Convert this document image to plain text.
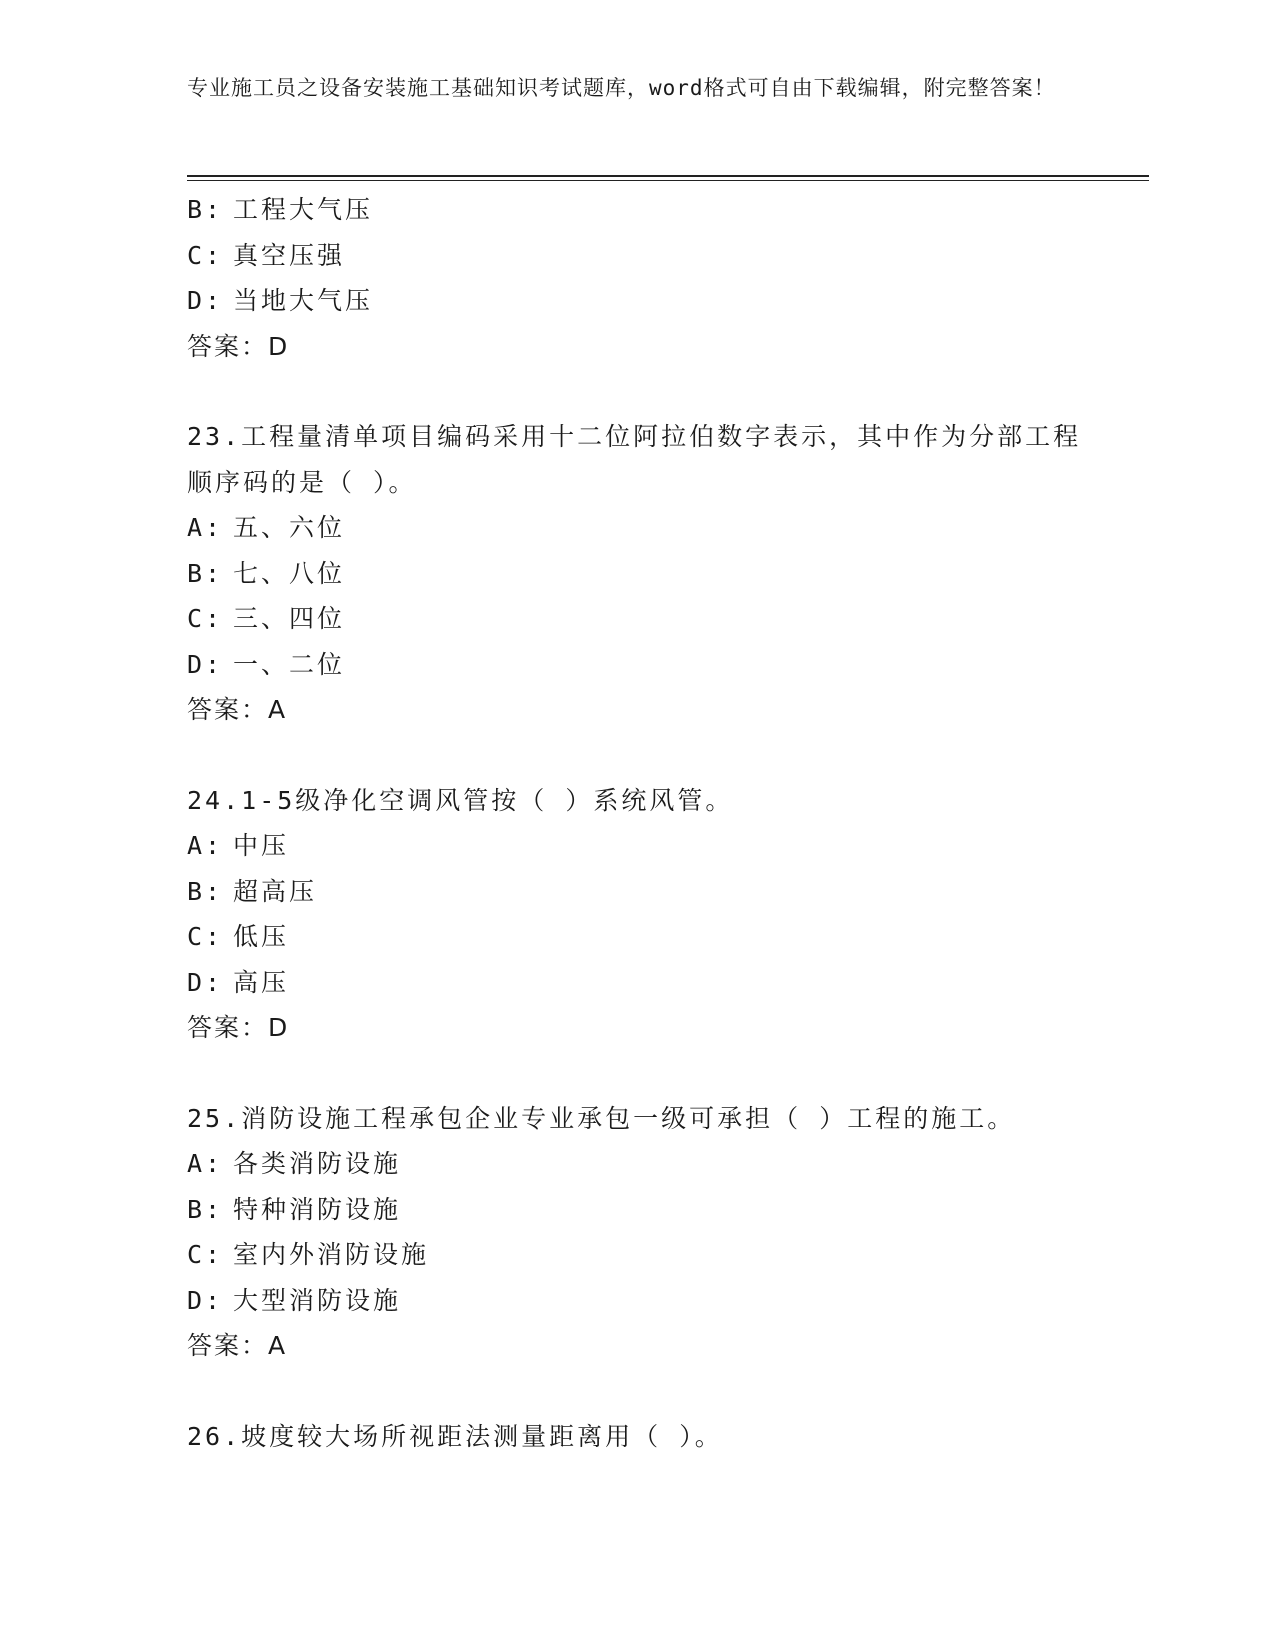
专业施工员之设备安装施工基础知识考试题库，word格式可自由下载编辑，附完整答案！
B: 工程大气压
C: 真空压强
D: 当地大气压
答案：D
23.工程量清单项目编码采用十二位阿拉伯数字表示，其中作为分部工程顺序码的是（ ）。
A: 五、六位
B: 七、八位
C: 三、四位
D: 一、二位
答案：A
24.1-5级净化空调风管按（ ）系统风管。
A: 中压
B: 超高压
C: 低压
D: 高压
答案：D
25.消防设施工程承包企业专业承包一级可承担（ ）工程的施工。
A: 各类消防设施
B: 特种消防设施
C: 室内外消防设施
D: 大型消防设施
答案：A
26.坡度较大场所视距法测量距离用（ ）。
